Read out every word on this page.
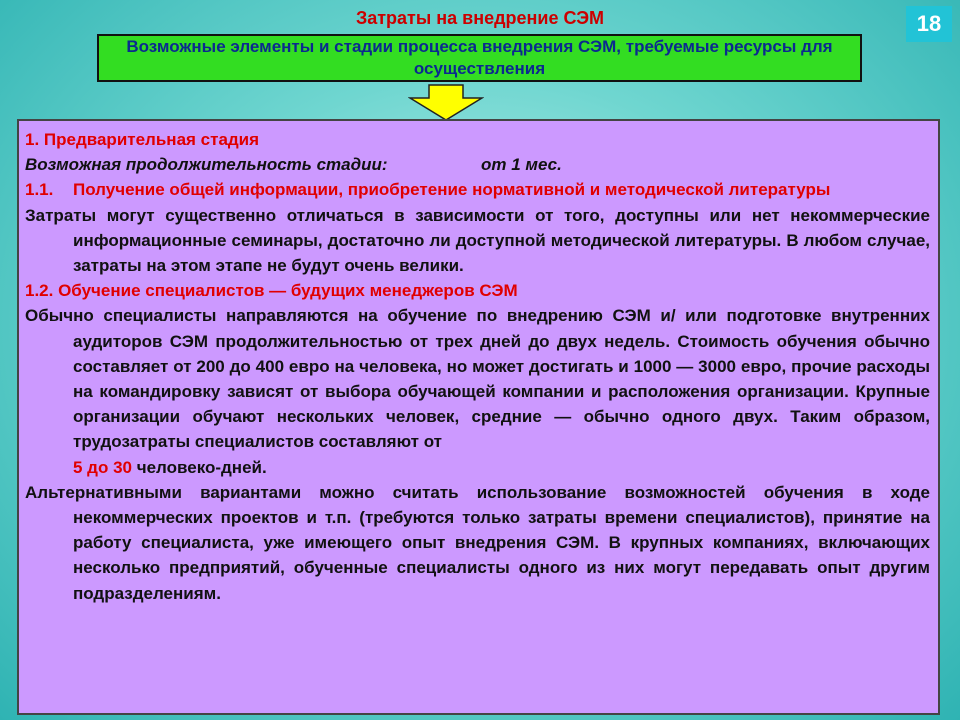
Затраты на внедрение СЭМ	18
Возможные элементы и стадии процесса внедрения СЭМ, требуемые ресурсы для осуществления

1. Предварительная стадия

Возможная продолжительность стадии:	от 1 мес.

1.1. Получение общей информации, приобретение нормативной и методической литературы

Затраты могут существенно отличаться в зависимости от того, доступны или нет некоммерческие информационные семинары, достаточно ли доступной методической литературы. В любом случае, затраты на этом этапе не будут очень велики.

1.2. Обучение специалистов — будущих менеджеров СЭМ

Обычно специалисты направляются на обучение по внедрению СЭМ и/ или подготовке внутренних аудиторов СЭМ продолжительностью от трех дней до двух недель. Стоимость обучения обычно составляет от 200 до 400 евро на человека, но может достигать и 1000 — 3000 евро, прочие расходы на командировку зависят от выбора обучающей компании и расположения организации. Крупные организации обучают нескольких человек, средние — обычно одного двух. Таким образом, трудозатраты специалистов составляют от
5 до 30 человеко-дней.

Альтернативными вариантами можно считать использование возможностей обучения в ходе некоммерческих проектов и т.п. (требуются только затраты времени специалистов), принятие на работу специалиста, уже имеющего опыт внедрения СЭМ. В крупных компаниях, включающих несколько предприятий, обученные специалисты одного из них могут передавать опыт другим подразделениям.
